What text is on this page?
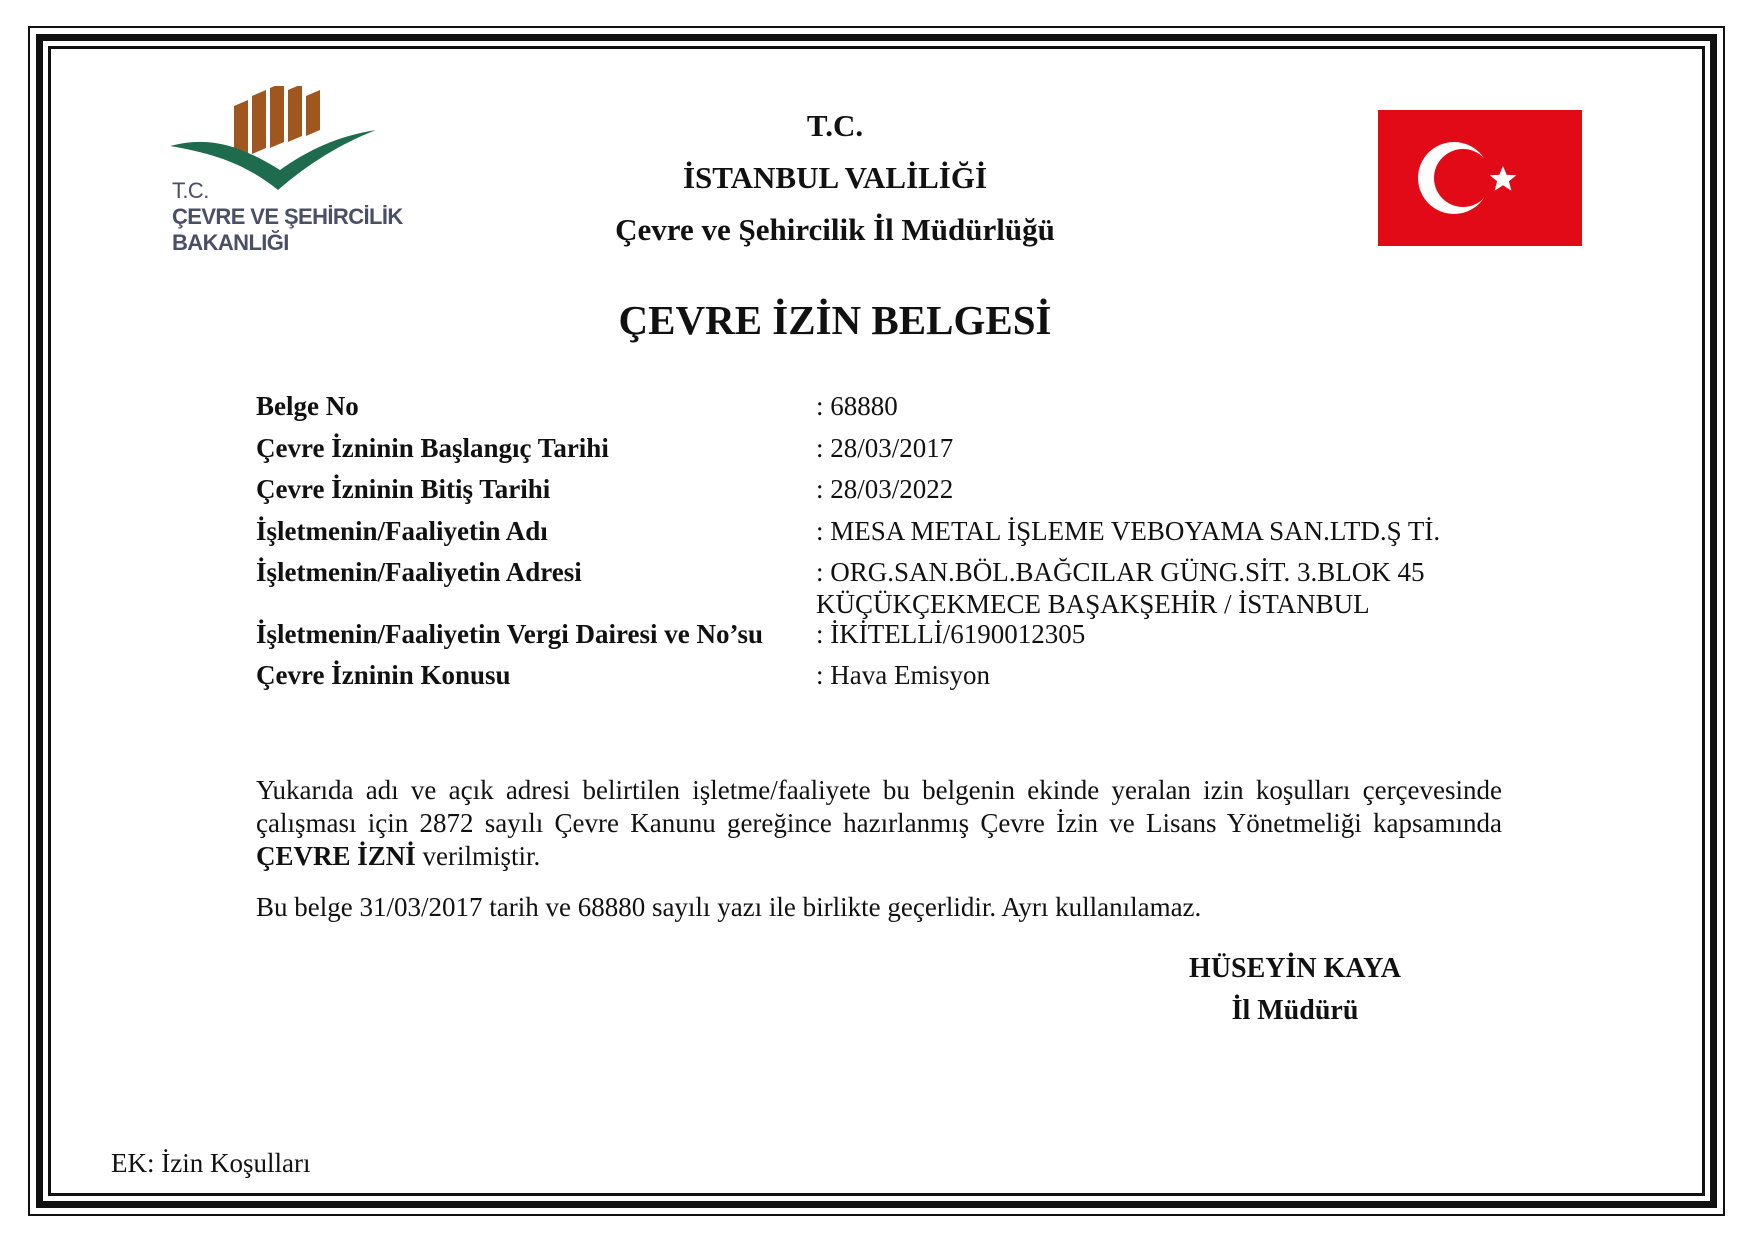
T.C.
ÇEVRE VE ŞEHİRCİLİK
BAKANLIĞI
T.C.
İSTANBUL VALİLİĞİ
Çevre ve Şehircilik İl Müdürlüğü
ÇEVRE İZİN BELGESİ
Belge No	: 68880
Çevre İzninin Başlangıç Tarihi	: 28/03/2017
Çevre İzninin Bitiş Tarihi	: 28/03/2022
İşletmenin/Faaliyetin Adı	: MESA METAL İŞLEME VEBOYAMA SAN.LTD.Ş Tİ.
İşletmenin/Faaliyetin Adresi	: ORG.SAN.BÖL.BAĞCILAR GÜNG.SİT. 3.BLOK 45
KÜÇÜKÇEKMECE BAŞAKŞEHİR / İSTANBUL
İşletmenin/Faaliyetin Vergi Dairesi ve No’su : İKİTELLİ/6190012305
Çevre İzninin Konusu	: Hava Emisyon
Yukarıda adı ve açık adresi belirtilen işletme/faaliyete bu belgenin ekinde yeralan izin koşulları çerçevesinde çalışması için 2872 sayılı Çevre Kanunu gereğince hazırlanmış Çevre İzin ve Lisans Yönetmeliği kapsamında ÇEVRE İZNİ verilmiştir.
Bu belge 31/03/2017 tarih ve 68880 sayılı yazı ile birlikte geçerlidir. Ayrı kullanılamaz.
HÜSEYİN KAYA
İl Müdürü
EK: İzin Koşulları
